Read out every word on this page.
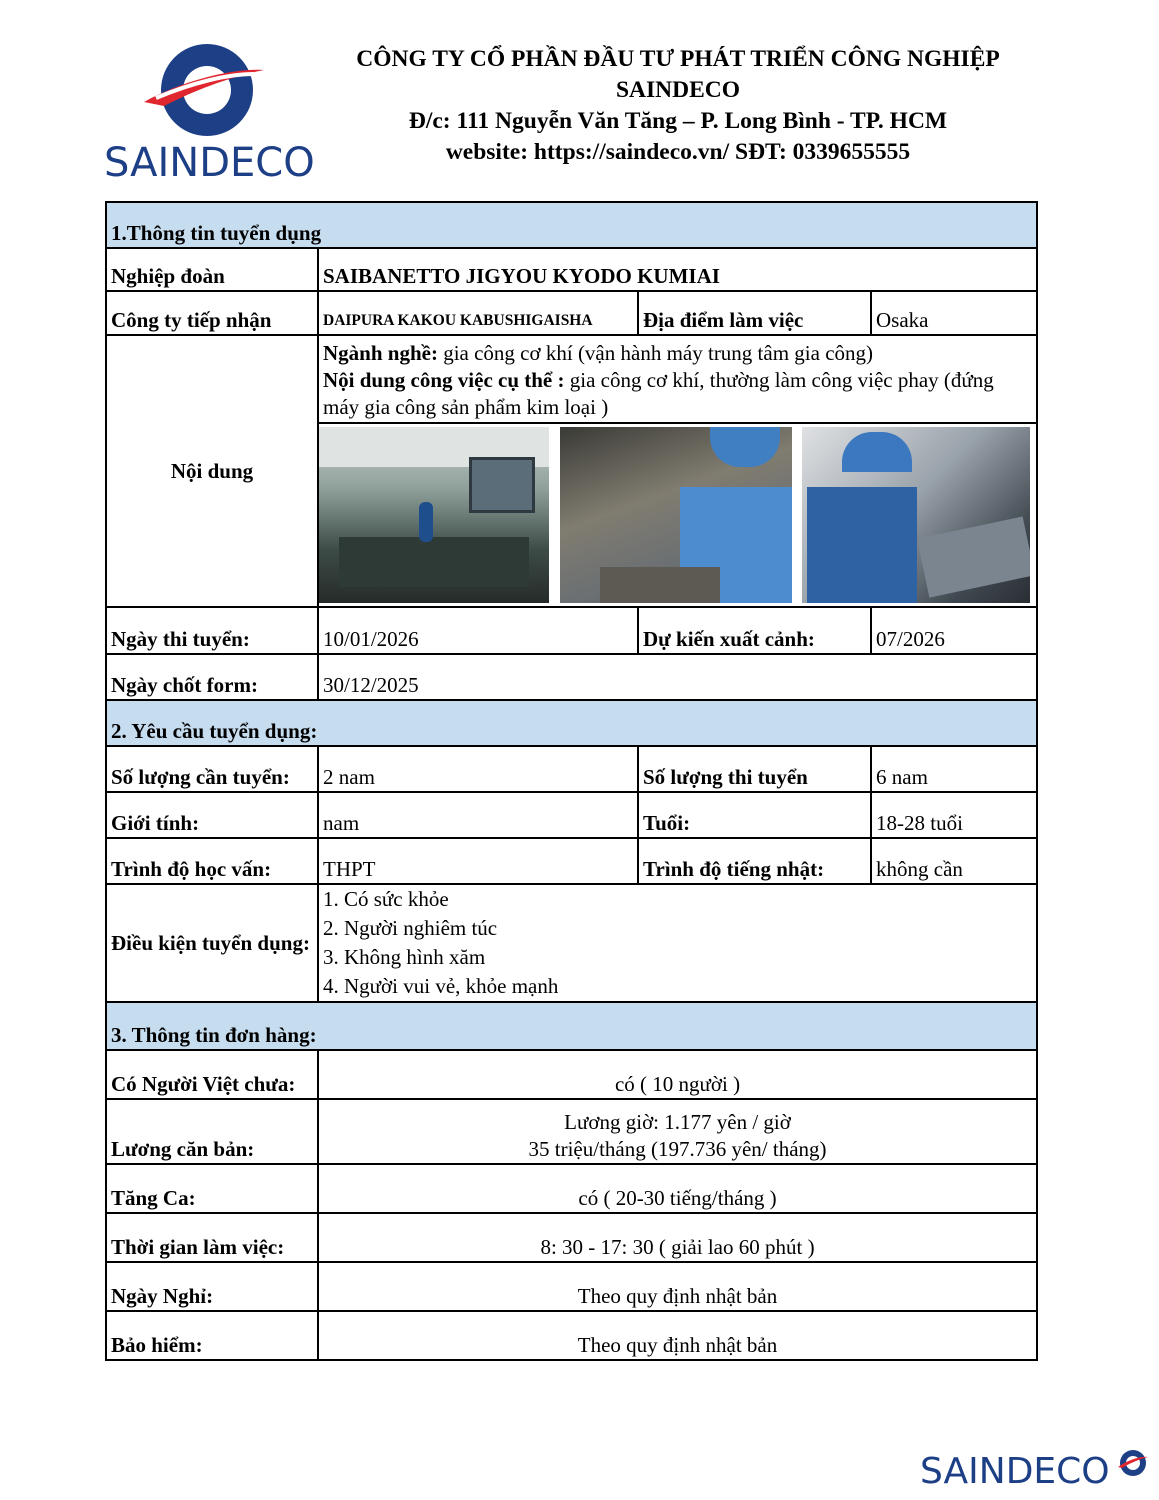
SAINDECO
CÔNG TY CỔ PHẦN ĐẦU TƯ PHÁT TRIỂN CÔNG NGHIỆP
SAINDECO
Đ/c: 111 Nguyễn Văn Tăng – P. Long Bình - TP. HCM
website: https://saindeco.vn/ SĐT: 0339655555
1.Thông tin tuyển dụng			
Nghiệp đoàn	SAIBANETTO JIGYOU KYODO KUMIAI		
Công ty tiếp nhận	DAIPURA KAKOU KABUSHIGAISHA	Địa điểm làm việc	Osaka
Nội dung	Ngành nghề: gia công cơ khí (vận hành máy trung tâm gia công)
Nội dung công việc cụ thể : gia công cơ khí, thường làm công việc phay (đứng máy gia công sản phẩm kim loại )		

Ngày thi tuyển:	10/01/2026	Dự kiến xuất cảnh:	07/2026
Ngày chốt form:	30/12/2025		
2. Yêu cầu tuyển dụng:			
Số lượng cần tuyển:	2 nam	Số lượng thi tuyển	6 nam
Giới tính:	nam	Tuổi:	18-28 tuổi
Trình độ học vấn:	THPT	Trình độ tiếng nhật:	không cần
Điều kiện tuyển dụng:	1. Có sức khỏe
2. Người nghiêm túc
3. Không hình xăm
4. Người vui vẻ, khỏe mạnh		

3. Thông tin đơn hàng:			
Có Người Việt chưa:	có ( 10 người )		
Lương căn bản:	Lương giờ: 1.177 yên / giờ
35 triệu/tháng (197.736 yên/ tháng)		

Tăng Ca:	có ( 20-30 tiếng/tháng )		
Thời gian làm việc:	8: 30 - 17: 30 ( giải lao 60 phút )		
Ngày Nghỉ:	Theo quy định nhật bản		
Bảo hiểm:	Theo quy định nhật bản		
SAINDECO
